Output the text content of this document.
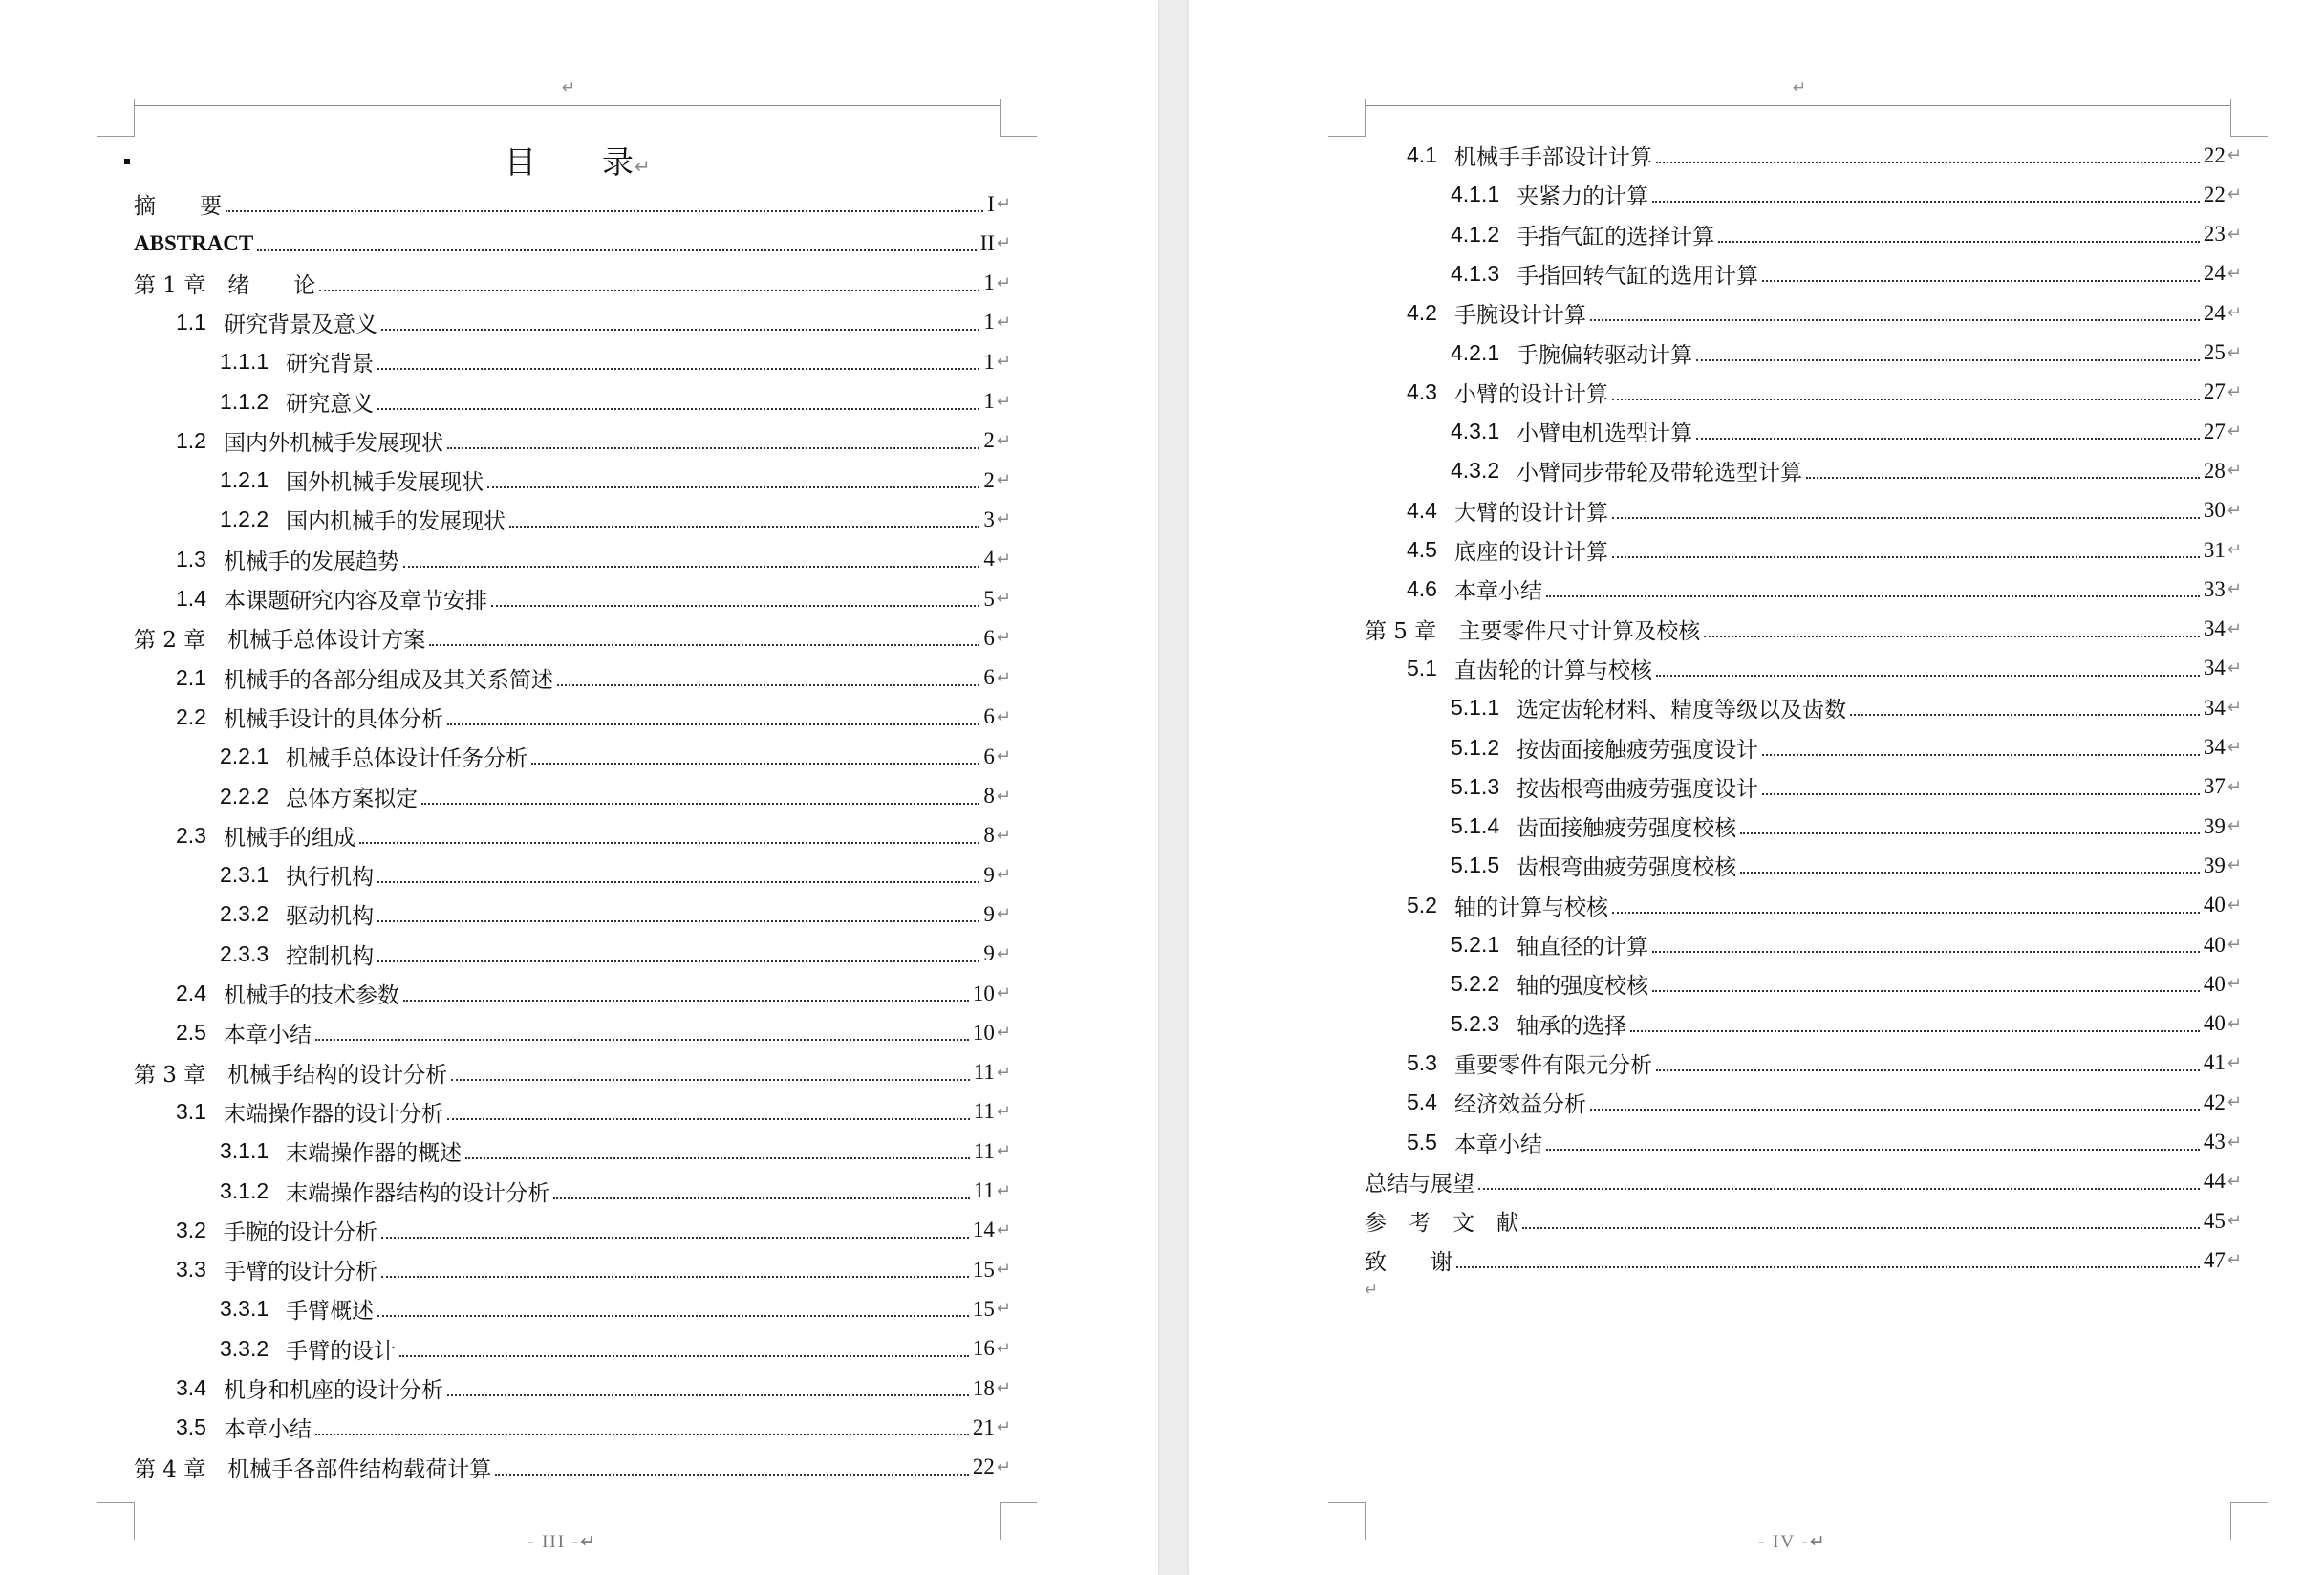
↵
目　　录↵
摘　　要	I ↵
ABSTRACT	II ↵
第 1 章　绪　　论	1 ↵
1.1 研究背景及意义	1 ↵
1.1.1 研究背景	1 ↵
1.1.2 研究意义	1 ↵
1.2 国内外机械手发展现状	2 ↵
1.2.1 国外机械手发展现状	2 ↵
1.2.2 国内机械手的发展现状	3 ↵
1.3 机械手的发展趋势	4 ↵
1.4 本课题研究内容及章节安排	5 ↵
第 2 章　机械手总体设计方案	6 ↵
2.1 机械手的各部分组成及其关系简述	6 ↵
2.2 机械手设计的具体分析	6 ↵
2.2.1 机械手总体设计任务分析	6 ↵
2.2.2 总体方案拟定	8 ↵
2.3 机械手的组成	8 ↵
2.3.1 执行机构	9 ↵
2.3.2 驱动机构	9 ↵
2.3.3 控制机构	9 ↵
2.4 机械手的技术参数	10 ↵
2.5 本章小结	10 ↵
第 3 章　机械手结构的设计分析	11 ↵
3.1 末端操作器的设计分析	11 ↵
3.1.1 末端操作器的概述	11 ↵
3.1.2 末端操作器结构的设计分析	11 ↵
3.2 手腕的设计分析	14 ↵
3.3 手臂的设计分析	15 ↵
3.3.1 手臂概述	15 ↵
3.3.2 手臂的设计	16 ↵
3.4 机身和机座的设计分析	18 ↵
3.5 本章小结	21 ↵
第 4 章　机械手各部件结构载荷计算	22 ↵
- III -↵
↵
4.1 机械手手部设计计算	22 ↵
4.1.1 夹紧力的计算	22 ↵
4.1.2 手指气缸的选择计算	23 ↵
4.1.3 手指回转气缸的选用计算	24 ↵
4.2 手腕设计计算	24 ↵
4.2.1 手腕偏转驱动计算	25 ↵
4.3 小臂的设计计算	27 ↵
4.3.1 小臂电机选型计算	27 ↵
4.3.2 小臂同步带轮及带轮选型计算	28 ↵
4.4 大臂的设计计算	30 ↵
4.5 底座的设计计算	31 ↵
4.6 本章小结	33 ↵
第 5 章　主要零件尺寸计算及校核	34 ↵
5.1 直齿轮的计算与校核	34 ↵
5.1.1 选定齿轮材料、精度等级以及齿数	34 ↵
5.1.2 按齿面接触疲劳强度设计	34 ↵
5.1.3 按齿根弯曲疲劳强度设计	37 ↵
5.1.4 齿面接触疲劳强度校核	39 ↵
5.1.5 齿根弯曲疲劳强度校核	39 ↵
5.2 轴的计算与校核	40 ↵
5.2.1 轴直径的计算	40 ↵
5.2.2 轴的强度校核	40 ↵
5.2.3 轴承的选择	40 ↵
5.3 重要零件有限元分析	41 ↵
5.4 经济效益分析	42 ↵
5.5 本章小结	43 ↵
总结与展望	44 ↵
参　考　文　献	45 ↵
致　　谢	47 ↵
↵
- IV -↵
